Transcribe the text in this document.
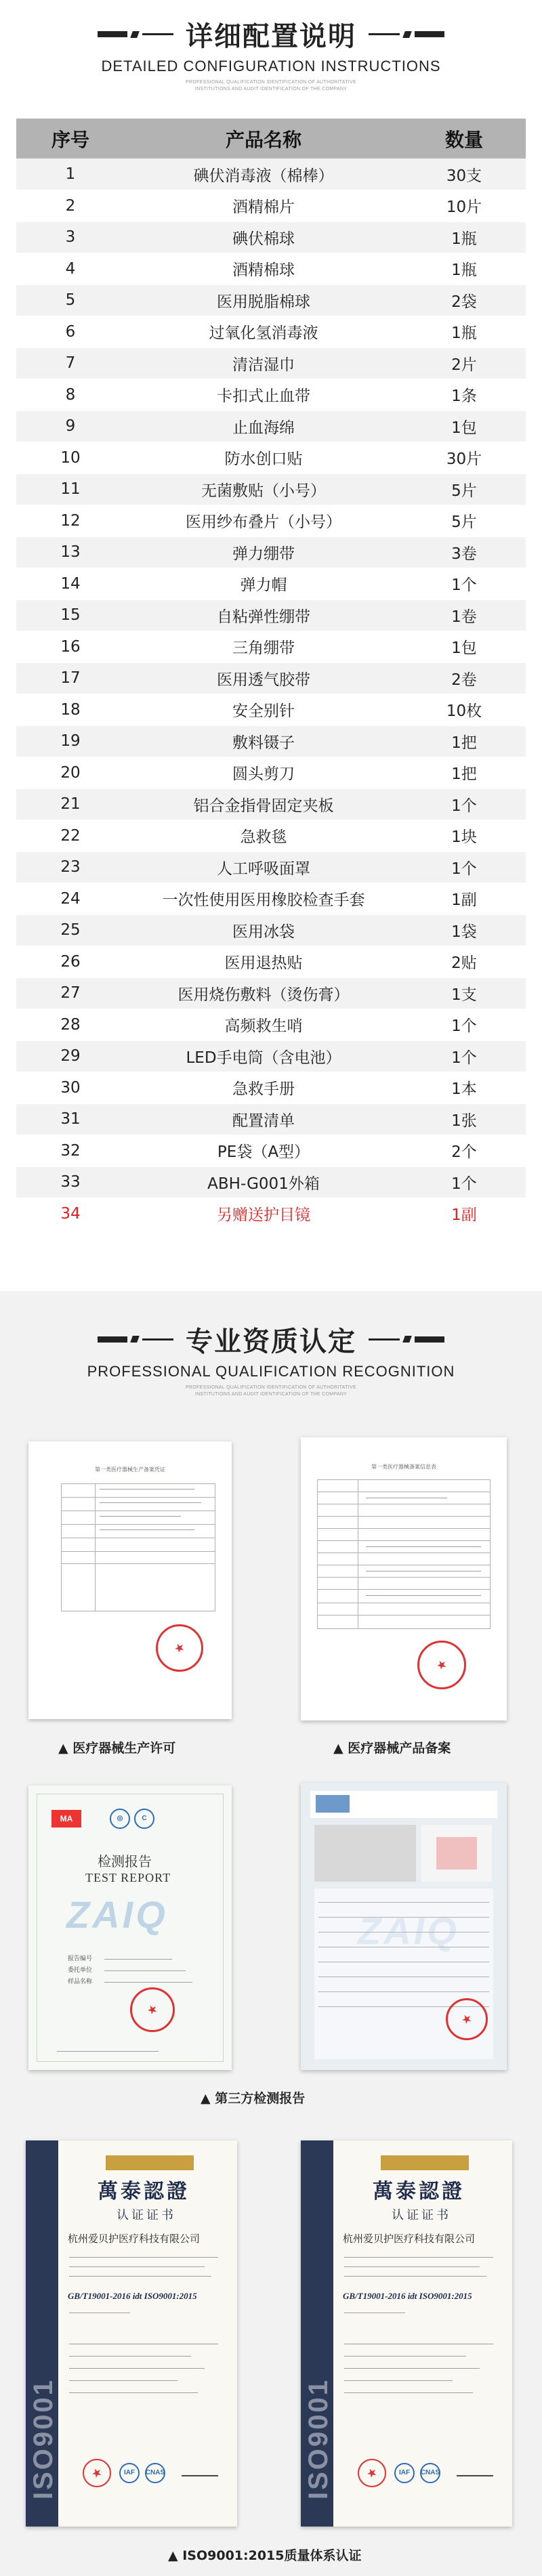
详细配置说明
DETAILED CONFIGURATION INSTRUCTIONS
PROFESSIONAL QUALIFICATION IDENTIFICATION OF AUTHORITATIVE INSTITUTIONS AND AUDIT IDENTIFICATION OF THE COMPANY
序号	产品名称	数量
1	碘伏消毒液（棉棒）	30支
2	酒精棉片	10片
3	碘伏棉球	1瓶
4	酒精棉球	1瓶
5	医用脱脂棉球	2袋
6	过氧化氢消毒液	1瓶
7	清洁湿巾	2片
8	卡扣式止血带	1条
9	止血海绵	1包
10	防水创口贴	30片
11	无菌敷贴（小号）	5片
12	医用纱布叠片（小号）	5片
13	弹力绷带	3卷
14	弹力帽	1个
15	自粘弹性绷带	1卷
16	三角绷带	1包
17	医用透气胶带	2卷
18	安全别针	10枚
19	敷料镊子	1把
20	圆头剪刀	1把
21	铝合金指骨固定夹板	1个
22	急救毯	1块
23	人工呼吸面罩	1个
24	一次性使用医用橡胶检查手套	1副
25	医用冰袋	1袋
26	医用退热贴	2贴
27	医用烧伤敷料（烫伤膏）	1支
28	高频救生哨	1个
29	LED手电筒（含电池）	1个
30	急救手册	1本
31	配置清单	1张
32	PE袋（A型）	2个
33	ABH-G001外箱	1个
34	另赠送护目镜	1副
专业资质认定
PROFESSIONAL QUALIFICATION RECOGNITION
PROFESSIONAL QUALIFICATION IDENTIFICATION OF AUTHORITATIVE INSTITUTIONS AND AUDIT IDENTIFICATION OF THE COMPANY
第一类医疗器械生产备案凭证	第一类医疗器械备案信息表
▲ 医疗器械生产许可	▲ 医疗器械产品备案
MA	◎	C
检测报告
TEST REPORT
ZAIQ
报告编号
委托单位
样品名称
▲ 第三方检测报告
ISO9001
萬泰認證
认证证书
杭州爱贝护医疗科技有限公司
GB/T19001-2016 idt ISO9001:2015
IAF	CNAS	ISO9001
萬泰認證
认证证书
杭州爱贝护医疗科技有限公司
GB/T19001-2016 idt ISO9001:2015
IAF	CNAS
▲ ISO9001:2015质量体系认证
